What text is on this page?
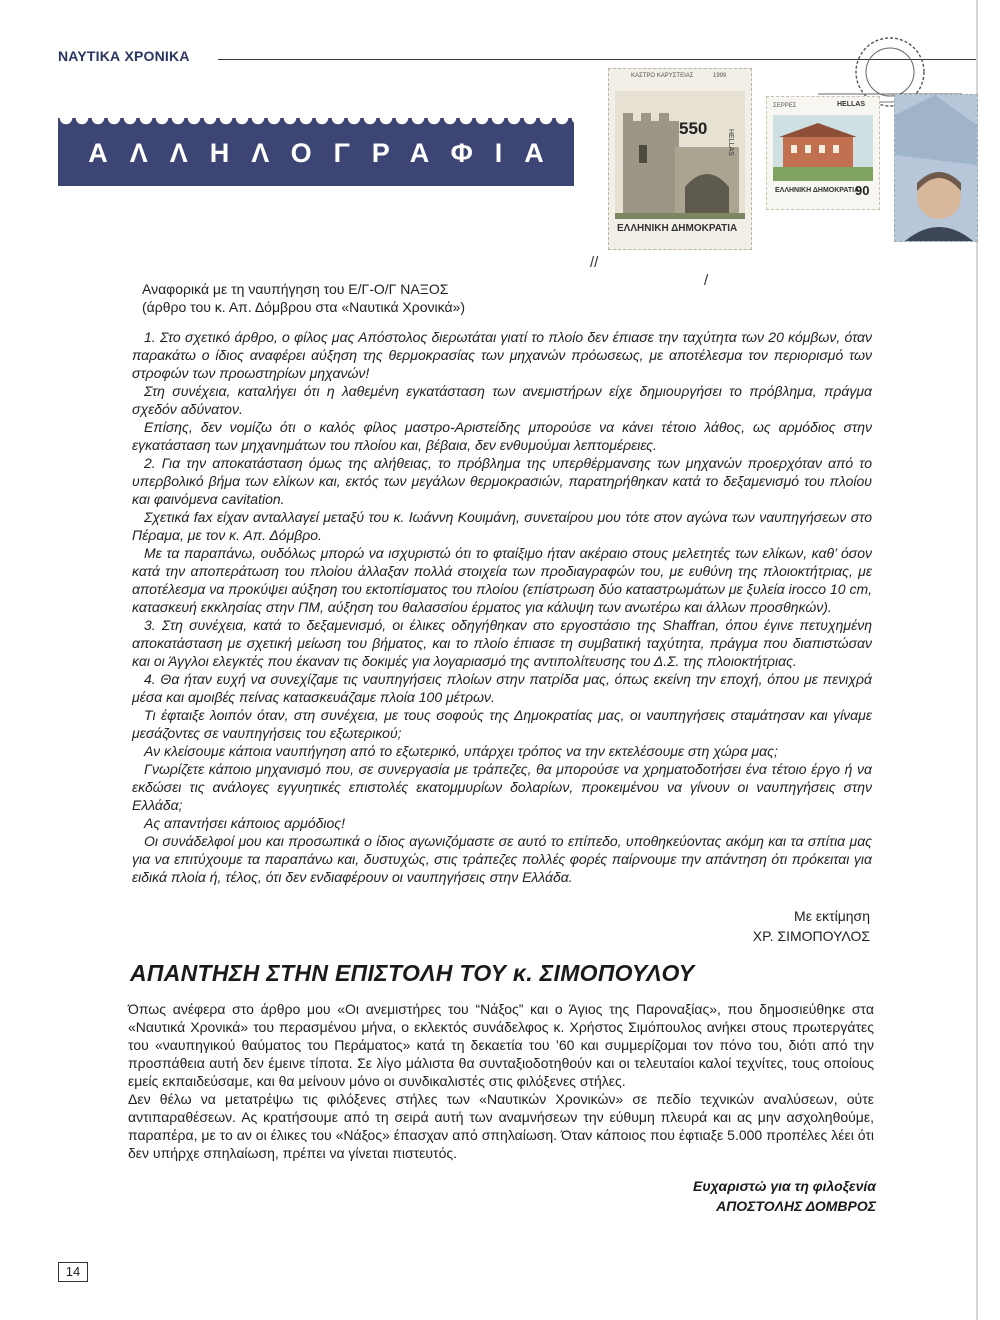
ΝΑΥΤΙΚΑ ΧΡΟΝΙΚΑ
ΑΛΛΗΛΟΓΡΑΦΙΑ
ΚΑΣΤΡΟ ΚΑΡΥΣΤΕΙΑΣ	1999
550
HELLAS
ΕΛΛΗΝΙΚΗ ΔΗΜΟΚΡΑΤΙΑ
ΣΕΡΡΕΣ	HELLAS
ΕΛΛΗΝΙΚΗ ΔΗΜΟΚΡΑΤΙΑ
90
//
/

Αναφορικά με τη ναυπήγηση του Ε/Γ-Ο/Γ ΝΑΞΟΣ

(άρθρο του κ. Απ. Δόμβρου στα «Ναυτικά Χρονικά»)

1. Στο σχετικό άρθρο, ο φίλος μας Απόστολος διερωτάται γιατί το πλοίο δεν έπιασε την ταχύτητα των 20 κόμβων, όταν παρακάτω ο ίδιος αναφέρει αύξηση της θερμοκρασίας των μηχανών πρόωσεως, με αποτέλεσμα τον περιορισμό των στροφών των προωστηρίων μηχανών!

Στη συνέχεια, καταλήγει ότι η λαθεμένη εγκατάσταση των ανεμιστήρων είχε δημιουργήσει το πρόβλημα, πράγμα σχεδόν αδύνατον.

Επίσης, δεν νομίζω ότι ο καλός φίλος μαστρο-Αριστείδης μπορούσε να κάνει τέτοιο λάθος, ως αρμόδιος στην εγκατάσταση των μηχανημάτων του πλοίου και, βέβαια, δεν ενθυμούμαι λεπτομέρειες.

2. Για την αποκατάσταση όμως της αλήθειας, το πρόβλημα της υπερθέρμανσης των μηχανών προερχόταν από το υπερβολικό βήμα των ελίκων και, εκτός των μεγάλων θερμοκρασιών, παρατηρήθηκαν κατά το δεξαμενισμό του πλοίου και φαινόμενα cavitation.

Σχετικά fax είχαν ανταλλαγεί μεταξύ του κ. Ιωάννη Κουιμάνη, συνεταίρου μου τότε στον αγώνα των ναυπηγήσεων στο Πέραμα, με τον κ. Απ. Δόμβρο.

Με τα παραπάνω, ουδόλως μπορώ να ισχυριστώ ότι το φταίξιμο ήταν ακέραιο στους μελετητές των ελίκων, καθ’ όσον κατά την αποπεράτωση του πλοίου άλλαξαν πολλά στοιχεία των προδιαγραφών του, με ευθύνη της πλοιοκτήτριας, με αποτέλεσμα να προκύψει αύξηση του εκτοπίσματος του πλοίου (επίστρωση δύο καταστρωμάτων με ξυλεία irocco 10 cm, κατασκευή εκκλησίας στην ΠΜ, αύξηση του θαλασσίου έρματος για κάλυψη των ανωτέρω και άλλων προσθηκών).

3. Στη συνέχεια, κατά το δεξαμενισμό, οι έλικες οδηγήθηκαν στο εργοστάσιο της Shaffran, όπου έγινε πετυχημένη αποκατάσταση με σχετική μείωση του βήματος, και το πλοίο έπιασε τη συμβατική ταχύτητα, πράγμα που διαπιστώσαν και οι Άγγλοι ελεγκτές που έκαναν τις δοκιμές για λογαριασμό της αντιπολίτευσης του Δ.Σ. της πλοιοκτήτριας.

4. Θα ήταν ευχή να συνεχίζαμε τις ναυπηγήσεις πλοίων στην πατρίδα μας, όπως εκείνη την εποχή, όπου με πενιχρά μέσα και αμοιβές πείνας κατασκευάζαμε πλοία 100 μέτρων.

Τι έφταιξε λοιπόν όταν, στη συνέχεια, με τους σοφούς της Δημοκρατίας μας, οι ναυπηγήσεις σταμάτησαν και γίναμε μεσάζοντες σε ναυπηγήσεις του εξωτερικού;

Αν κλείσουμε κάποια ναυπήγηση από το εξωτερικό, υπάρχει τρόπος να την εκτελέσουμε στη χώρα μας;

Γνωρίζετε κάποιο μηχανισμό που, σε συνεργασία με τράπεζες, θα μπορούσε να χρηματοδοτήσει ένα τέτοιο έργο ή να εκδώσει τις ανάλογες εγγυητικές επιστολές εκατομμυρίων δολαρίων, προκειμένου να γίνουν οι ναυπηγήσεις στην Ελλάδα;

Ας απαντήσει κάποιος αρμόδιος!

Οι συνάδελφοί μου και προσωπικά ο ίδιος αγωνιζόμαστε σε αυτό το επίπεδο, υποθηκεύοντας ακόμη και τα σπίτια μας για να επιτύχουμε τα παραπάνω και, δυστυχώς, στις τράπεζες πολλές φορές παίρνουμε την απάντηση ότι πρόκειται για ειδικά πλοία ή, τέλος, ότι δεν ενδιαφέρουν οι ναυπηγήσεις στην Ελλάδα.

Με εκτίμηση
ΧΡ. ΣΙΜΟΠΟΥΛΟΣ
ΑΠΑΝΤΗΣΗ ΣΤΗΝ ΕΠΙΣΤΟΛΗ ΤΟΥ κ. ΣΙΜΟΠΟΥΛΟΥ

Όπως ανέφερα στο άρθρο μου «Οι ανεμιστήρες του “Νάξος” και ο Άγιος της Παροναξίας», που δημοσιεύθηκε στα «Ναυτικά Χρονικά» του περασμένου μήνα, ο εκλεκτός συνάδελφος κ. Χρήστος Σιμόπουλος ανήκει στους πρωτεργάτες του «ναυπηγικού θαύματος του Περάματος» κατά τη δεκαετία του ’60 και συμμερίζομαι τον πόνο του, διότι από την προσπάθεια αυτή δεν έμεινε τίποτα. Σε λίγο μάλιστα θα συνταξιοδοτηθούν και οι τελευταίοι καλοί τεχνίτες, τους οποίους εμείς εκπαιδεύσαμε, και θα μείνουν μόνο οι συνδικαλιστές στις φιλόξενες στήλες.

Δεν θέλω να μετατρέψω τις φιλόξενες στήλες των «Ναυτικών Χρονικών» σε πεδίο τεχνικών αναλύσεων, ούτε αντιπαραθέσεων. Ας κρατήσουμε από τη σειρά αυτή των αναμνήσεων την εύθυμη πλευρά και ας μην ασχοληθούμε, παραπέρα, με το αν οι έλικες του «Νάξος» έπασχαν από σπηλαίωση. Όταν κάποιος που έφτιαξε 5.000 προπέλες λέει ότι δεν υπήρχε σπηλαίωση, πρέπει να γίνεται πιστευτός.

Ευχαριστώ για τη φιλοξενία
ΑΠΟΣΤΟΛΗΣ ΔΟΜΒΡΟΣ
14
